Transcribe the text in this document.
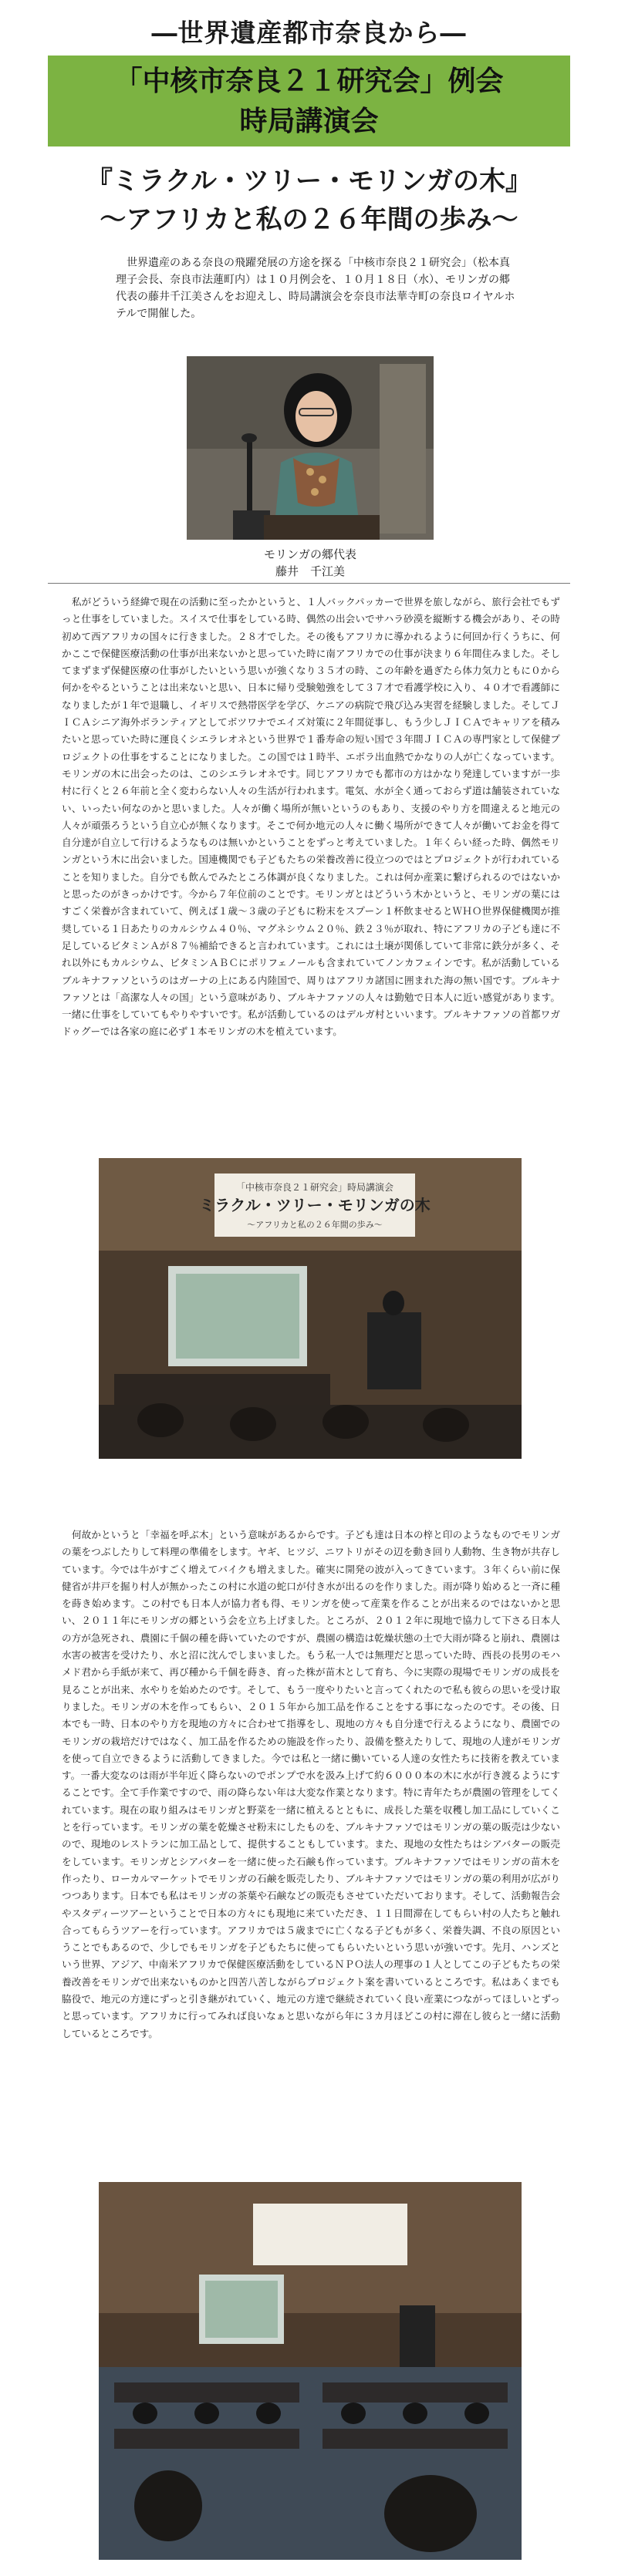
―世界遺産都市奈良から―
「中核市奈良２１研究会」例会
時局講演会
『ミラクル・ツリー・モリンガの木』
～アフリカと私の２６年間の歩み～

世界遺産のある奈良の飛躍発展の方途を探る「中核市奈良２１研究会」（松本真理子会長、奈良市法蓮町内）は１０月例会を、１０月１８日（水）、モリンガの郷代表の藤井千江美さんをお迎えし、時局講演会を奈良市法華寺町の奈良ロイヤルホテルで開催した。

モリンガの郷代表
藤井　千江美

私がどういう経緯で現在の活動に至ったかというと、１人バックパッカーで世界を旅しながら、旅行会社でもずっと仕事をしていました。スイスで仕事をしている時、偶然の出会いでサハラ砂漠を縦断する機会があり、その時初めて西アフリカの国々に行きました。２８才でした。その後もアフリカに導かれるように何回か行くうちに、何かここで保健医療活動の仕事が出来ないかと思っていた時に南アフリカでの仕事が決まり６年間住みました。そしてまずまず保健医療の仕事がしたいという思いが強くなり３５才の時、この年齢を過ぎたら体力気力ともに０から何かをやるということは出来ないと思い、日本に帰り受験勉強をして３７才で看護学校に入り、４０才で看護師になりましたが１年で退職し、イギリスで熱帯医学を学び、ケニアの病院で飛び込み実習を経験しました。そしてＪＩＣＡシニア海外ボランティアとしてボツワナでエイズ対策に２年間従事し、もう少しＪＩＣＡでキャリアを積みたいと思っていた時に運良くシエラレオネという世界で１番寿命の短い国で３年間ＪＩＣＡの専門家として保健プロジェクトの仕事をすることになりました。この国では１時半、エボラ出血熱でかなりの人が亡くなっています。モリンガの木に出会ったのは、このシエラレオネです。同じアフリカでも都市の方はかなり発達していますが一歩村に行くと２６年前と全く変わらない人々の生活が行われます。電気、水が全く通っておらず道は舗装されていない、いったい何なのかと思いました。人々が働く場所が無いというのもあり、支援のやり方を間違えると地元の人々が頑張ろうという自立心が無くなります。そこで何か地元の人々に働く場所ができて人々が働いてお金を得て自分達が自立して行けるようなものは無いかということをずっと考えていました。１年くらい経った時、偶然モリンガという木に出会いました。国連機関でも子どもたちの栄養改善に役立つのではとプロジェクトが行われていることを知りました。自分でも飲んでみたところ体調が良くなりました。これは何か産業に繋げられるのではないかと思ったのがきっかけです。今から７年位前のことです。モリンガとはどういう木かというと、モリンガの葉にはすごく栄養が含まれていて、例えば１歳～３歳の子どもに粉末をスプーン１杯飲ませるとＷＨＯ世界保健機関が推奨している１日あたりのカルシウム４０％、マグネシウム２０％、鉄２３％が取れ、特にアフリカの子ども達に不足しているビタミンＡが８７％補給できると言われています。これには土壌が関係していて非常に鉄分が多く、それ以外にもカルシウム、ビタミンＡＢＣにポリフェノールも含まれていてノンカフェインです。私が活動しているブルキナファソというのはガーナの上にある内陸国で、周りはアフリカ諸国に囲まれた海の無い国です。ブルキナファソとは「高潔な人々の国」という意味があり、ブルキナファソの人々は勤勉で日本人に近い感覚があります。一緒に仕事をしていてもやりやすいです。私が活動しているのはデルガ村といいます。ブルキナファソの首都ワガドゥグーでは各家の庭に必ず１本モリンガの木を植えています。

「中核市奈良２１研究会」時局講演会
ミラクル・ツリー・モリンガの木
～アフリカと私の２６年間の歩み～

何故かというと「幸福を呼ぶ木」という意味があるからです。子ども達は日本の梓と印のようなものでモリンガの葉をつぶしたりして料理の準備をします。ヤギ、ヒツジ、ニワトリがその辺を動き回り人動物、生き物が共存しています。今では牛がすごく増えてバイクも増えました。確実に開発の波が入ってきています。３年くらい前に保健省が井戸を掘り村人が無かったこの村に水道の蛇口が付き水が出るのを作りました。雨が降り始めると一斉に種を蒔き始めます。この村でも日本人が協力者も得、モリンガを使って産業を作ることが出来るのではないかと思い、２０１１年にモリンガの郷という会を立ち上げました。ところが、２０１２年に現地で協力して下さる日本人の方が急死され、農園に千個の種を蒔いていたのですが、農園の構造は乾燥状態の土で大雨が降ると崩れ、農園は水害の被害を受けたり、水と沼に沈んでしまいました。もう私一人では無理だと思っていた時、西長の長男のモハメド君から手紙が来て、再び種から千個を蒔き、育った株が苗木として育ち、今に実際の現場でモリンガの成長を見ることが出来、水やりを始めたのです。そして、もう一度やりたいと言ってくれたので私も彼らの思いを受け取りました。モリンガの木を作ってもらい、２０１５年から加工品を作ることをする事になったのです。その後、日本でも一時、日本のやり方を現地の方々に合わせて指導をし、現地の方々も自分達で行えるようになり、農園でのモリンガの栽培だけではなく、加工品を作るための施設を作ったり、設備を整えたりして、現地の人達がモリンガを使って自立できるように活動してきました。今では私と一緒に働いている人達の女性たちに技術を教えています。一番大変なのは雨が半年近く降らないのでポンプで水を汲み上げて約６０００本の木に水が行き渡るようにすることです。全て手作業ですので、雨の降らない年は大変な作業となります。特に青年たちが農園の管理をしてくれています。現在の取り組みはモリンガと野菜を一緒に植えるとともに、成長した葉を収穫し加工品にしていくことを行っています。モリンガの葉を乾燥させ粉末にしたものを、ブルキナファソではモリンガの葉の販売は少ないので、現地のレストランに加工品として、提供することもしています。また、現地の女性たちはシアバターの販売をしています。モリンガとシアバターを一緒に使った石鹸も作っています。ブルキナファソではモリンガの苗木を作ったり、ローカルマーケットでモリンガの石鹸を販売したり、ブルキナファソではモリンガの葉の利用が広がりつつあります。日本でも私はモリンガの茶葉や石鹸などの販売もさせていただいております。そして、活動報告会やスタディーツアーということで日本の方々にも現地に来ていただき、１１日間滞在してもらい村の人たちと触れ合ってもらうツアーを行っています。アフリカでは５歳までに亡くなる子どもが多く、栄養失調、不良の原因ということでもあるので、少しでもモリンガを子どもたちに使ってもらいたいという思いが強いです。先月、ハンズという世界、アジア、中南米アフリカで保健医療活動をしているＮＰＯ法人の理事の１人としてこの子どもたちの栄養改善をモリンガで出来ないものかと四苦八苦しながらプロジェクト案を書いているところです。私はあくまでも脇役で、地元の方達にずっと引き継がれていく、地元の方達で継続されていく良い産業につながってほしいとずっと思っています。アフリカに行ってみれば良いなぁと思いながら年に３カ月ほどこの村に滞在し彼らと一緒に活動しているところです。
